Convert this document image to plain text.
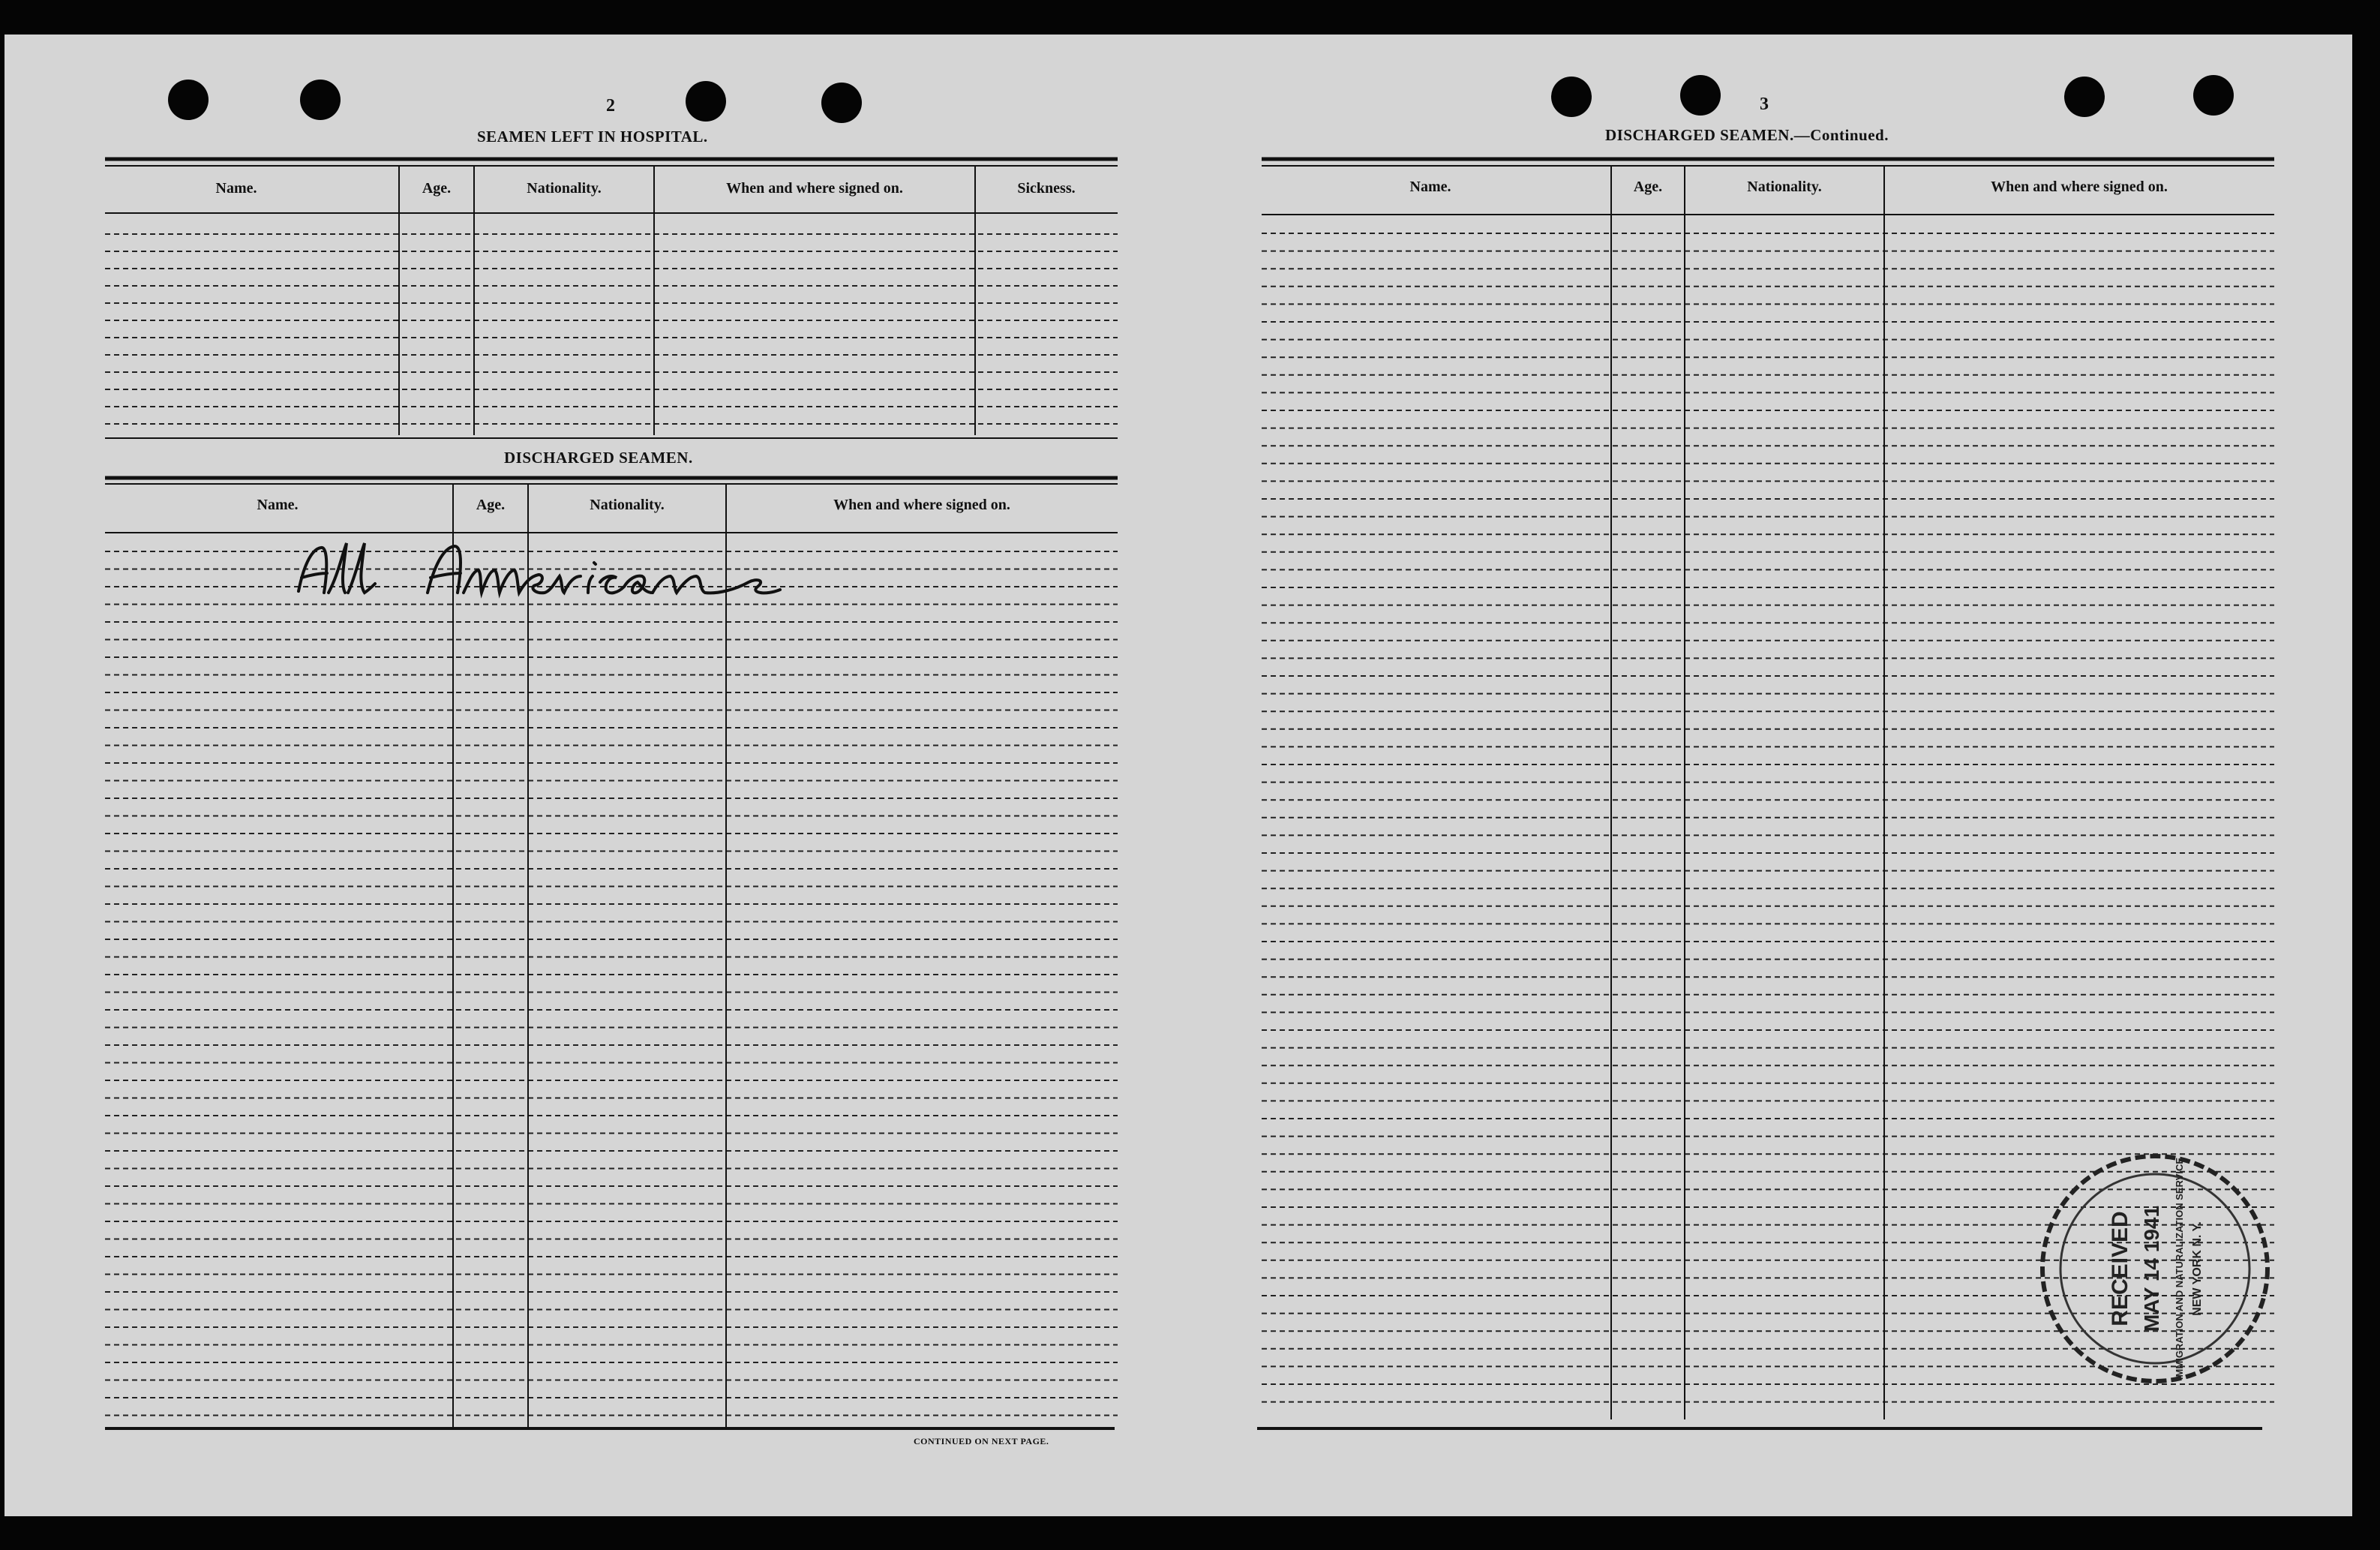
2
SEAMEN LEFT IN HOSPITAL.
Name.	Age.	Nationality.	When and where signed on.	Sickness.
DISCHARGED SEAMEN.
Name.	Age.	Nationality.	When and where signed on.
CONTINUED ON NEXT PAGE.
3
DISCHARGED SEAMEN.—Continued.
Name.	Age.	Nationality.	When and where signed on.
RECEIVED MAY 14 1941 IMMIGRATION AND NATURALIZATION SERVICE NEW YORK N. Y.
